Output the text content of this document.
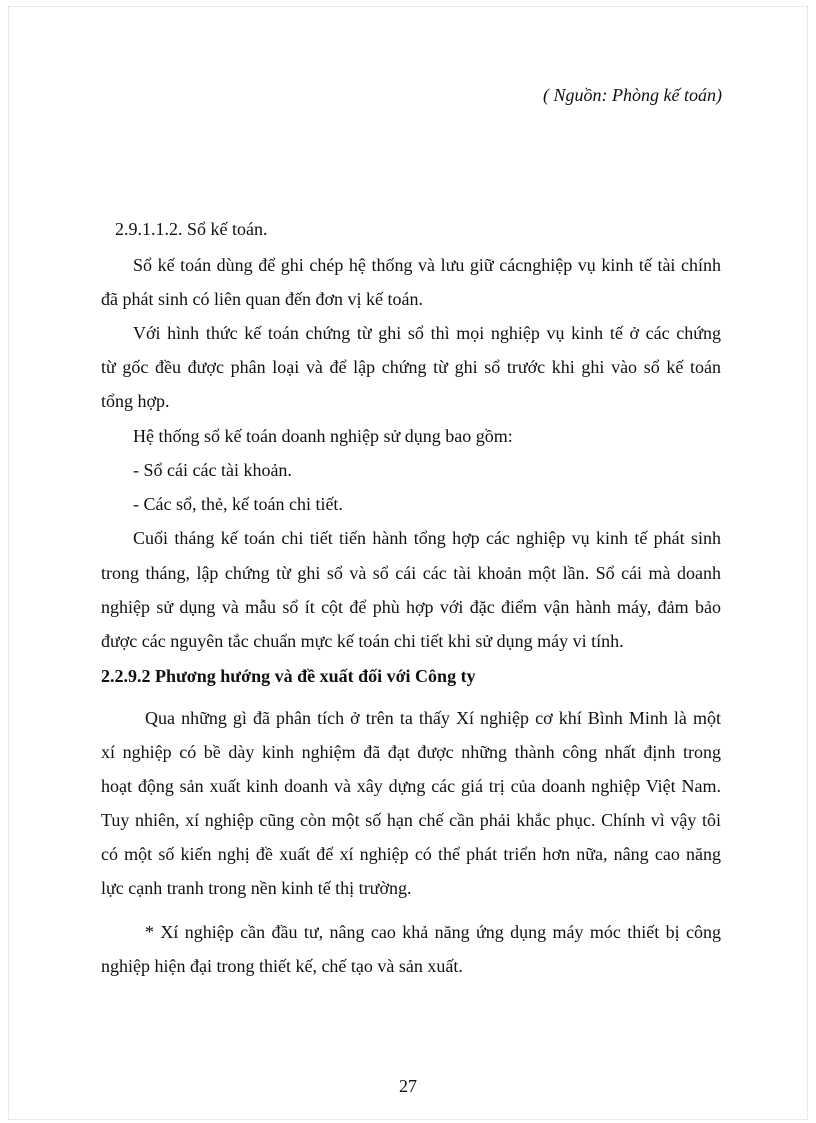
( Nguồn: Phòng kế toán)
2.9.1.1.2. Sổ kế toán.
Sổ kế toán dùng để ghi chép hệ thống và lưu giữ cácnghiệp vụ kinh tế tài chính
đã phát sinh có liên quan đến đơn vị kế toán.
Với hình thức kế toán chứng từ ghi sổ thì mọi nghiệp vụ kinh tế ở các chứng
từ gốc đều được phân loại và để lập chứng từ ghi sổ trước khi ghi vào sổ kế toán
tổng hợp.
Hệ thống sổ kế toán doanh nghiệp sử dụng bao gồm:
- Sổ cái các tài khoản.
- Các sổ, thẻ, kế toán chi tiết.
Cuối tháng kế toán chi tiết tiến hành tổng hợp các nghiệp vụ kinh tế phát sinh
trong tháng, lập chứng từ ghi sổ và sổ cái các tài khoản một lần. Sổ cái mà doanh
nghiệp sử dụng và mẫu sổ ít cột để phù hợp với đặc điểm vận hành máy, đảm bảo
được các nguyên tắc chuẩn mực kế toán chi tiết khi sử dụng máy vi tính.
2.2.9.2 Phương hướng và đề xuất đối với Công ty
Qua những gì đã phân tích ở trên ta thấy Xí nghiệp cơ khí Bình Minh là một
xí nghiệp có bề dày kinh nghiệm đã đạt được những thành công nhất định trong
hoạt động sản xuất kinh doanh và xây dựng các giá trị của doanh nghiệp Việt Nam.
Tuy nhiên, xí nghiệp cũng còn một số hạn chế cần phải khắc phục. Chính vì vậy tôi
có một số kiến nghị đề xuất để xí nghiệp có thể phát triển hơn nữa, nâng cao năng
lực cạnh tranh trong nền kinh tế thị trường.
* Xí nghiệp cần đầu tư, nâng cao khả năng ứng dụng máy móc thiết bị công
nghiệp hiện đại trong thiết kế, chế tạo và sản xuất.
27
